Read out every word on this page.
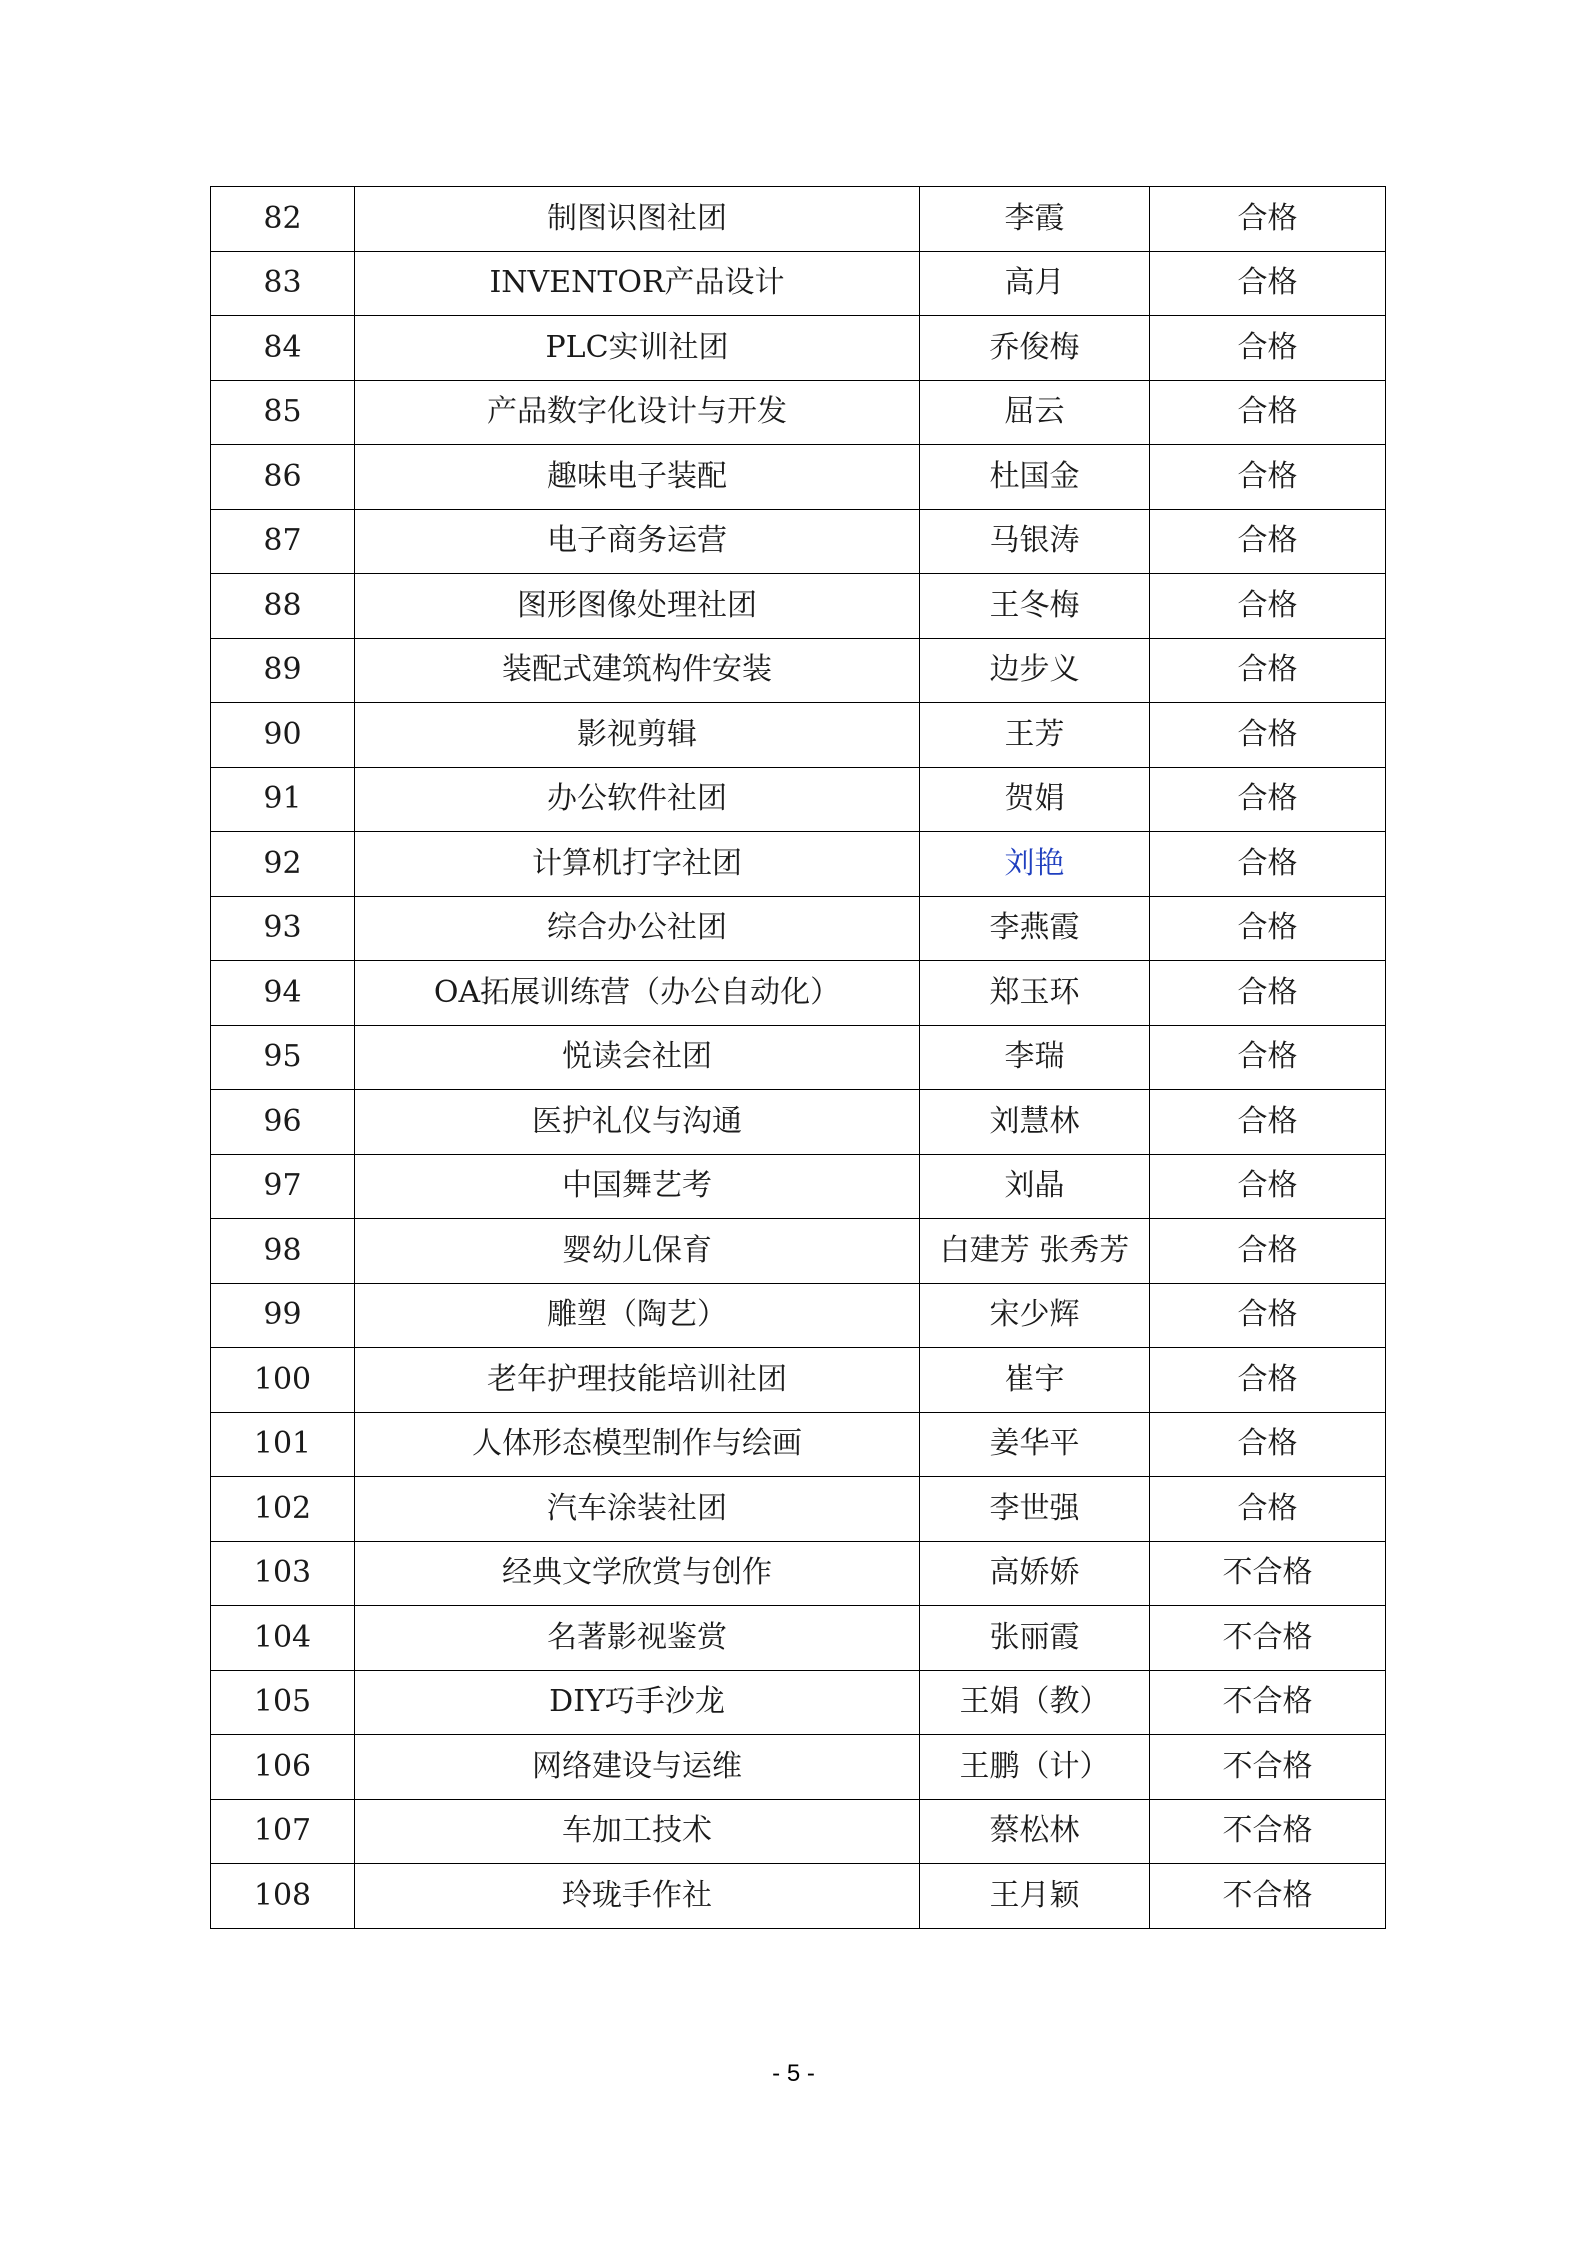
82	制图识图社团	李霞	合格
83	INVENTOR产品设计	高月	合格
84	PLC实训社团	乔俊梅	合格
85	产品数字化设计与开发	屈云	合格
86	趣味电子装配	杜国金	合格
87	电子商务运营	马银涛	合格
88	图形图像处理社团	王冬梅	合格
89	装配式建筑构件安装	边步义	合格
90	影视剪辑	王芳	合格
91	办公软件社团	贺娟	合格
92	计算机打字社团	刘艳	合格
93	综合办公社团	李燕霞	合格
94	OA拓展训练营（办公自动化）	郑玉环	合格
95	悦读会社团	李瑞	合格
96	医护礼仪与沟通	刘慧林	合格
97	中国舞艺考	刘晶	合格
98	婴幼儿保育	白建芳 张秀芳	合格
99	雕塑（陶艺）	宋少辉	合格
100	老年护理技能培训社团	崔宇	合格
101	人体形态模型制作与绘画	姜华平	合格
102	汽车涂装社团	李世强	合格
103	经典文学欣赏与创作	高娇娇	不合格
104	名著影视鉴赏	张丽霞	不合格
105	DIY巧手沙龙	王娟（教）	不合格
106	网络建设与运维	王鹏（计）	不合格
107	车加工技术	蔡松林	不合格
108	玲珑手作社	王月颖	不合格
- 5 -
